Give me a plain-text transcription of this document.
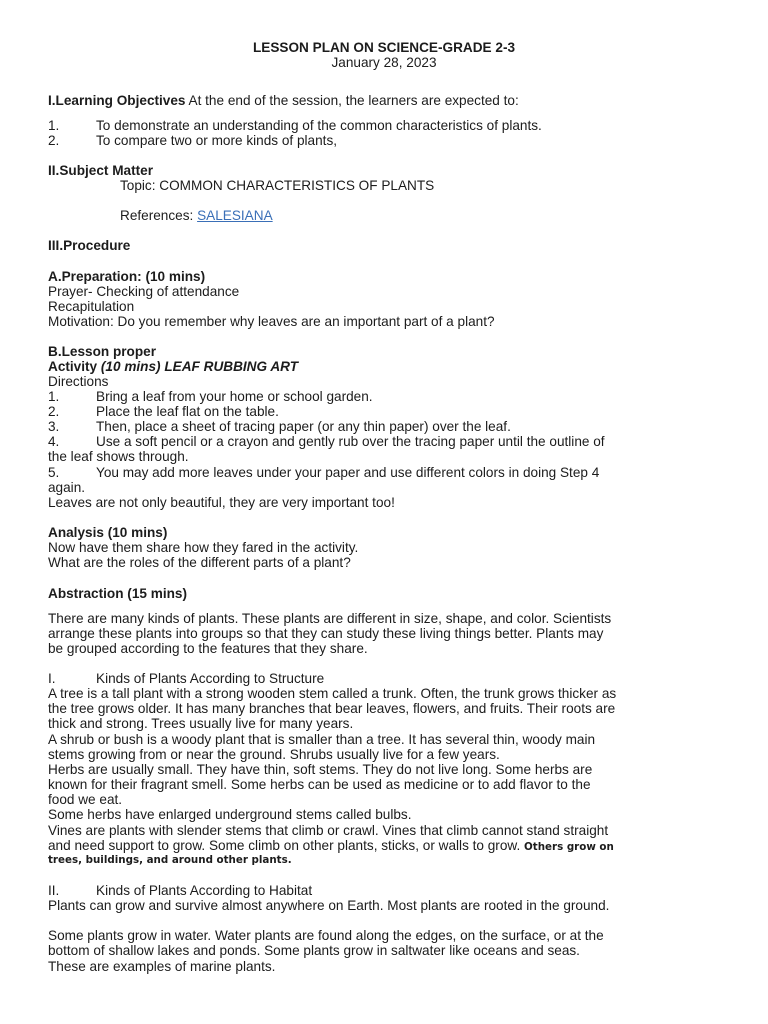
LESSON PLAN ON SCIENCE-GRADE 2-3
January 28, 2023
I.Learning Objectives At the end of the session, the learners are expected to:
1.	To demonstrate an understanding of the common characteristics of plants.
2.	To compare two or more kinds of plants,
II.Subject Matter
Topic: COMMON CHARACTERISTICS OF PLANTS
References: SALESIANA
III.Procedure
A.Preparation: (10 mins)
Prayer- Checking of attendance
Recapitulation
Motivation: Do you remember why leaves are an important part of a plant?
B.Lesson proper
Activity (10 mins) LEAF RUBBING ART
Directions
1.	Bring a leaf from your home or school garden.
2.	Place the leaf flat on the table.
3.	Then, place a sheet of tracing paper (or any thin paper) over the leaf.
4.	Use a soft pencil or a crayon and gently rub over the tracing paper until the outline of
the leaf shows through.
5.	You may add more leaves under your paper and use different colors in doing Step 4
again.
Leaves are not only beautiful, they are very important too!
Analysis (10 mins)
Now have them share how they fared in the activity.
What are the roles of the different parts of a plant?
Abstraction (15 mins)
There are many kinds of plants. These plants are different in size, shape, and color. Scientists
arrange these plants into groups so that they can study these living things better. Plants may
be grouped according to the features that they share.
I.	Kinds of Plants According to Structure
A tree is a tall plant with a strong wooden stem called a trunk. Often, the trunk grows thicker as
the tree grows older. It has many branches that bear leaves, flowers, and fruits. Their roots are
thick and strong. Trees usually live for many years.
A shrub or bush is a woody plant that is smaller than a tree. It has several thin, woody main
stems growing from or near the ground. Shrubs usually live for a few years.
Herbs are usually small. They have thin, soft stems. They do not live long. Some herbs are
known for their fragrant smell. Some herbs can be used as medicine or to add flavor to the
food we eat.
Some herbs have enlarged underground stems called bulbs.
Vines are plants with slender stems that climb or crawl. Vines that climb cannot stand straight
and need support to grow. Some climb on other plants, sticks, or walls to grow. Others grow on
trees, buildings, and around other plants.
II.	Kinds of Plants According to Habitat
Plants can grow and survive almost anywhere on Earth. Most plants are rooted in the ground.
Some plants grow in water. Water plants are found along the edges, on the surface, or at the
bottom of shallow lakes and ponds. Some plants grow in saltwater like oceans and seas.
These are examples of marine plants.
